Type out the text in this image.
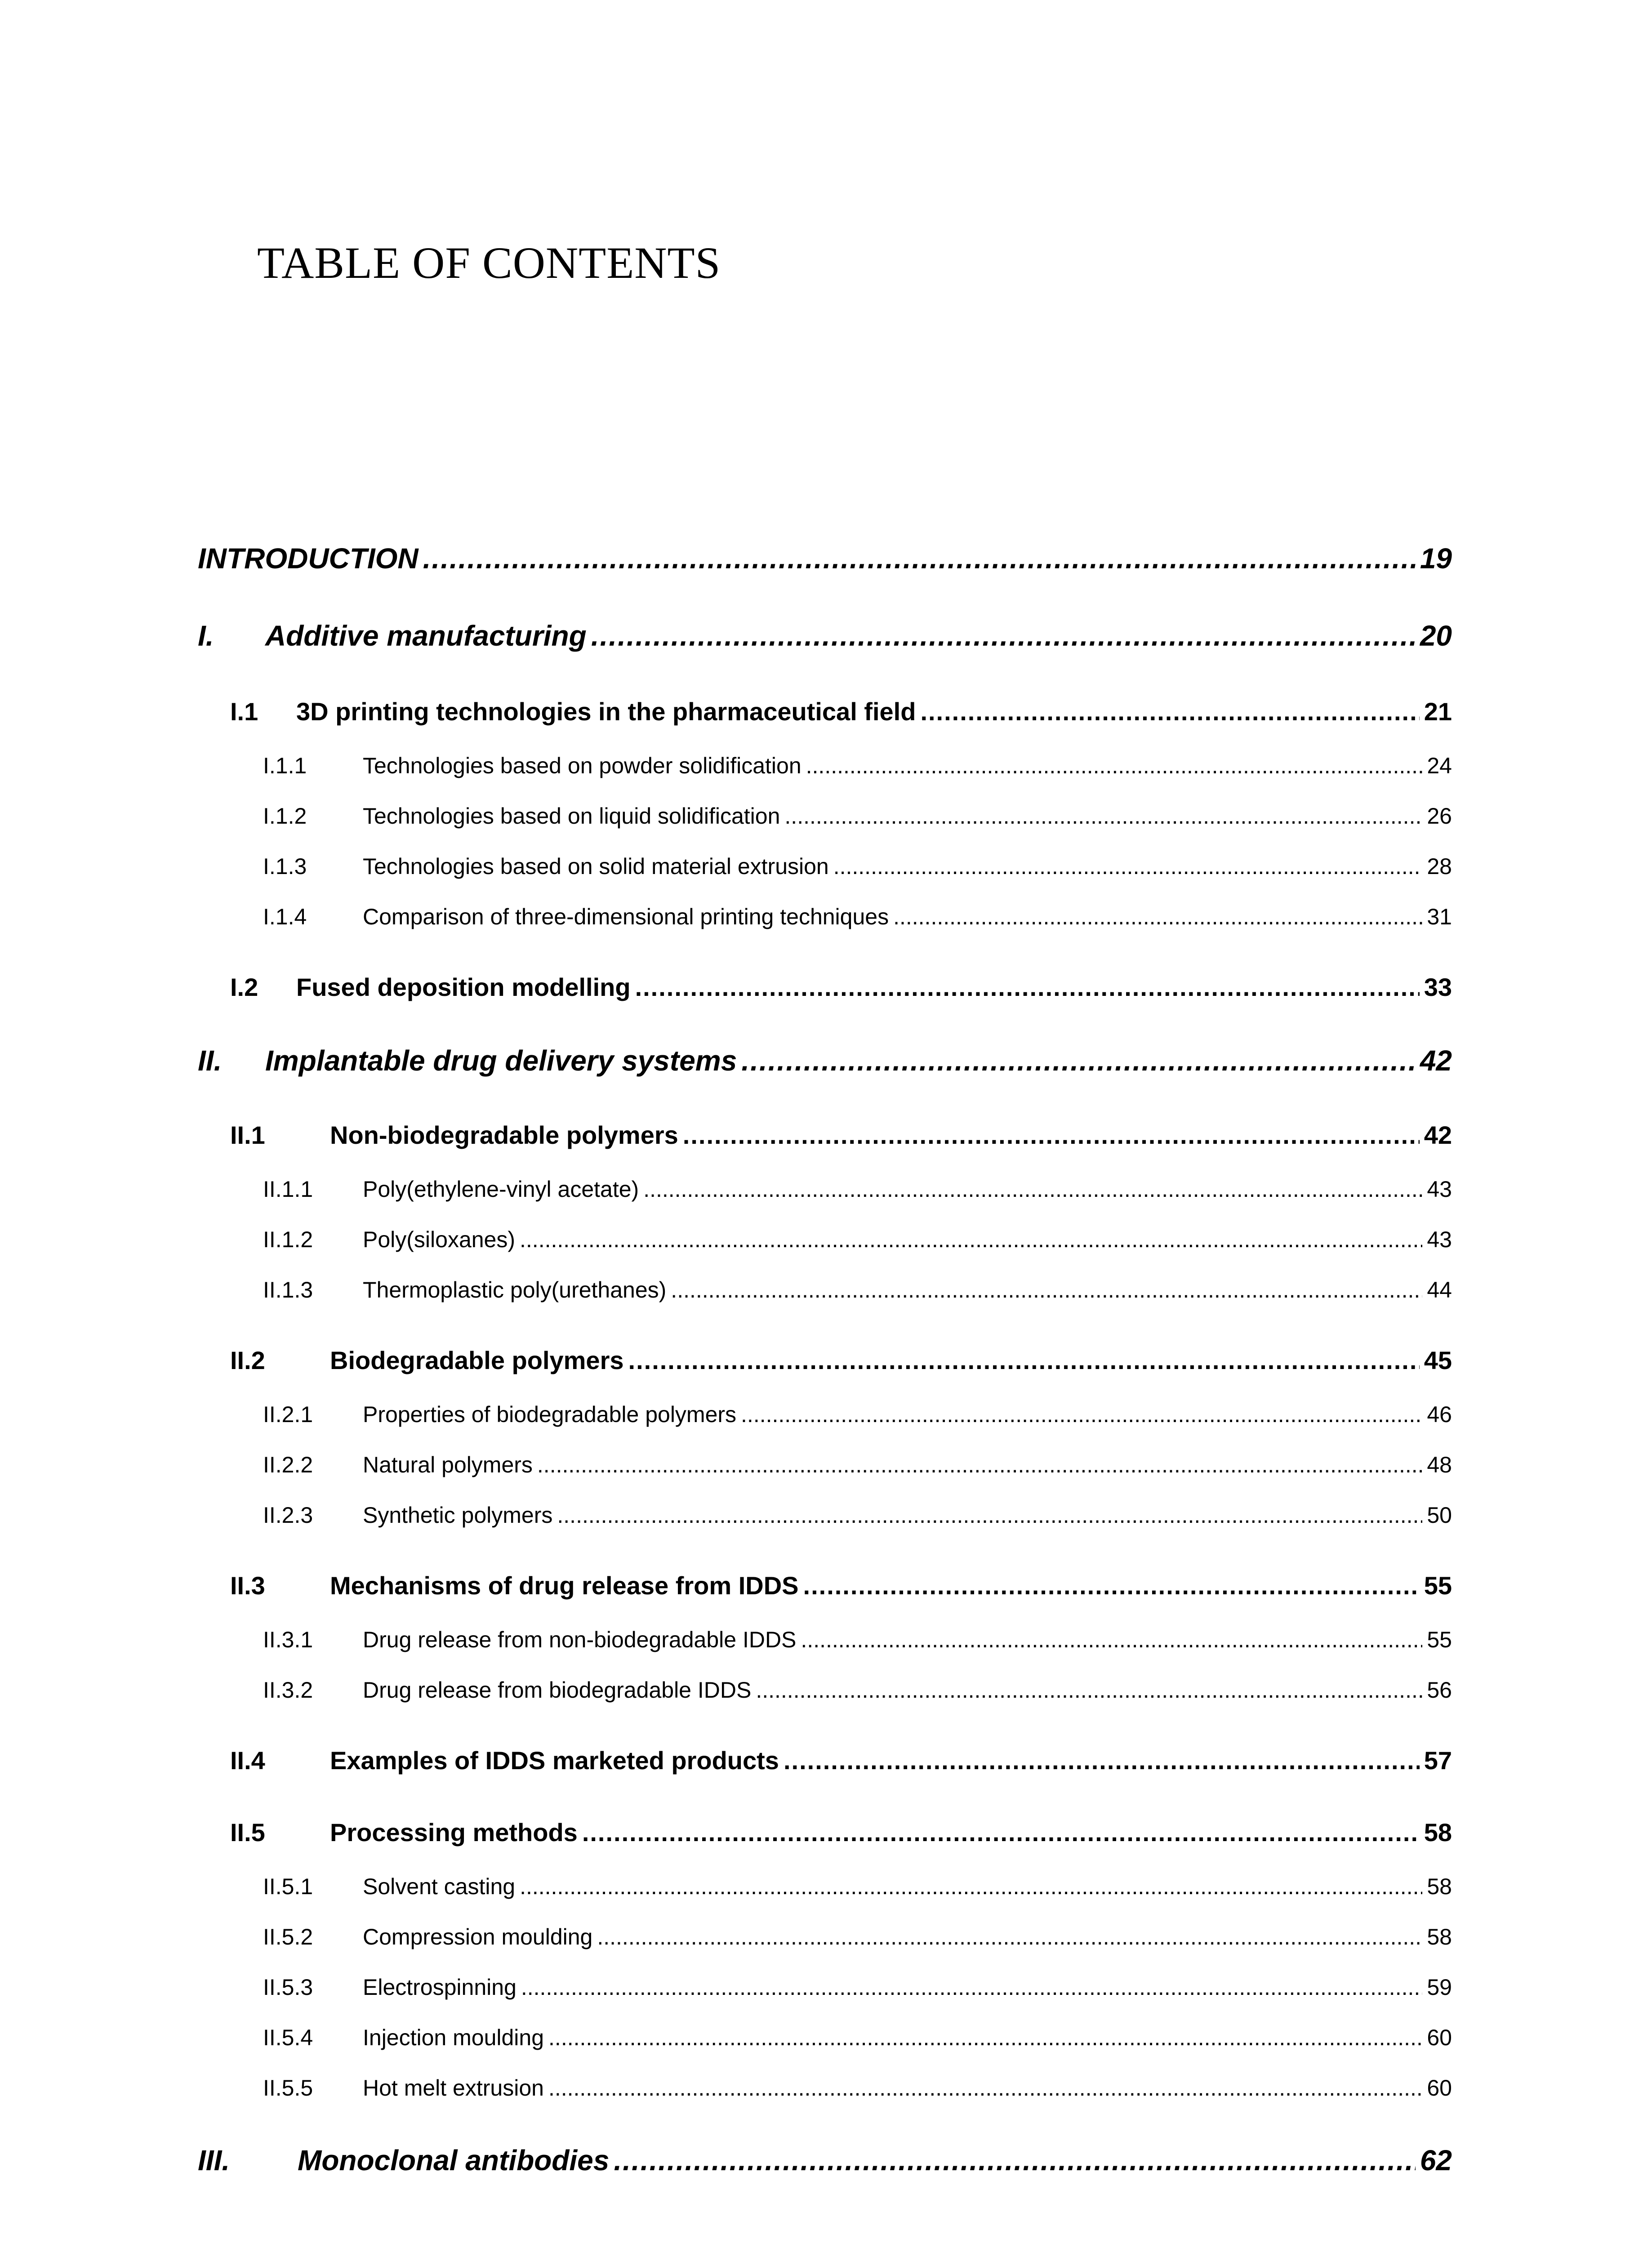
TABLE OF CONTENTS
INTRODUCTION .....	19
I.	Additive manufacturing .....	20
I.1	3D printing technologies in the pharmaceutical field .....	21
I.1.1	Technologies based on powder solidification .....	24
I.1.2	Technologies based on liquid solidification .....	26
I.1.3	Technologies based on solid material extrusion .....	28
I.1.4	Comparison of three-dimensional printing techniques .....	31
I.2	Fused deposition modelling .....	33
II.	Implantable drug delivery systems .....	42
II.1	Non-biodegradable polymers .....	42
II.1.1	Poly(ethylene-vinyl acetate) .....	43
II.1.2	Poly(siloxanes) .....	43
II.1.3	Thermoplastic poly(urethanes) .....	44
II.2	Biodegradable polymers .....	45
II.2.1	Properties of biodegradable polymers .....	46
II.2.2	Natural polymers .....	48
II.2.3	Synthetic polymers .....	50
II.3	Mechanisms of drug release from IDDS .....	55
II.3.1	Drug release from non-biodegradable IDDS .....	55
II.3.2	Drug release from biodegradable IDDS .....	56
II.4	Examples of IDDS marketed products .....	57
II.5	Processing methods .....	58
II.5.1	Solvent casting .....	58
II.5.2	Compression moulding .....	58
II.5.3	Electrospinning .....	59
II.5.4	Injection moulding .....	60
II.5.5	Hot melt extrusion .....	60
III.	Monoclonal antibodies .....	62
